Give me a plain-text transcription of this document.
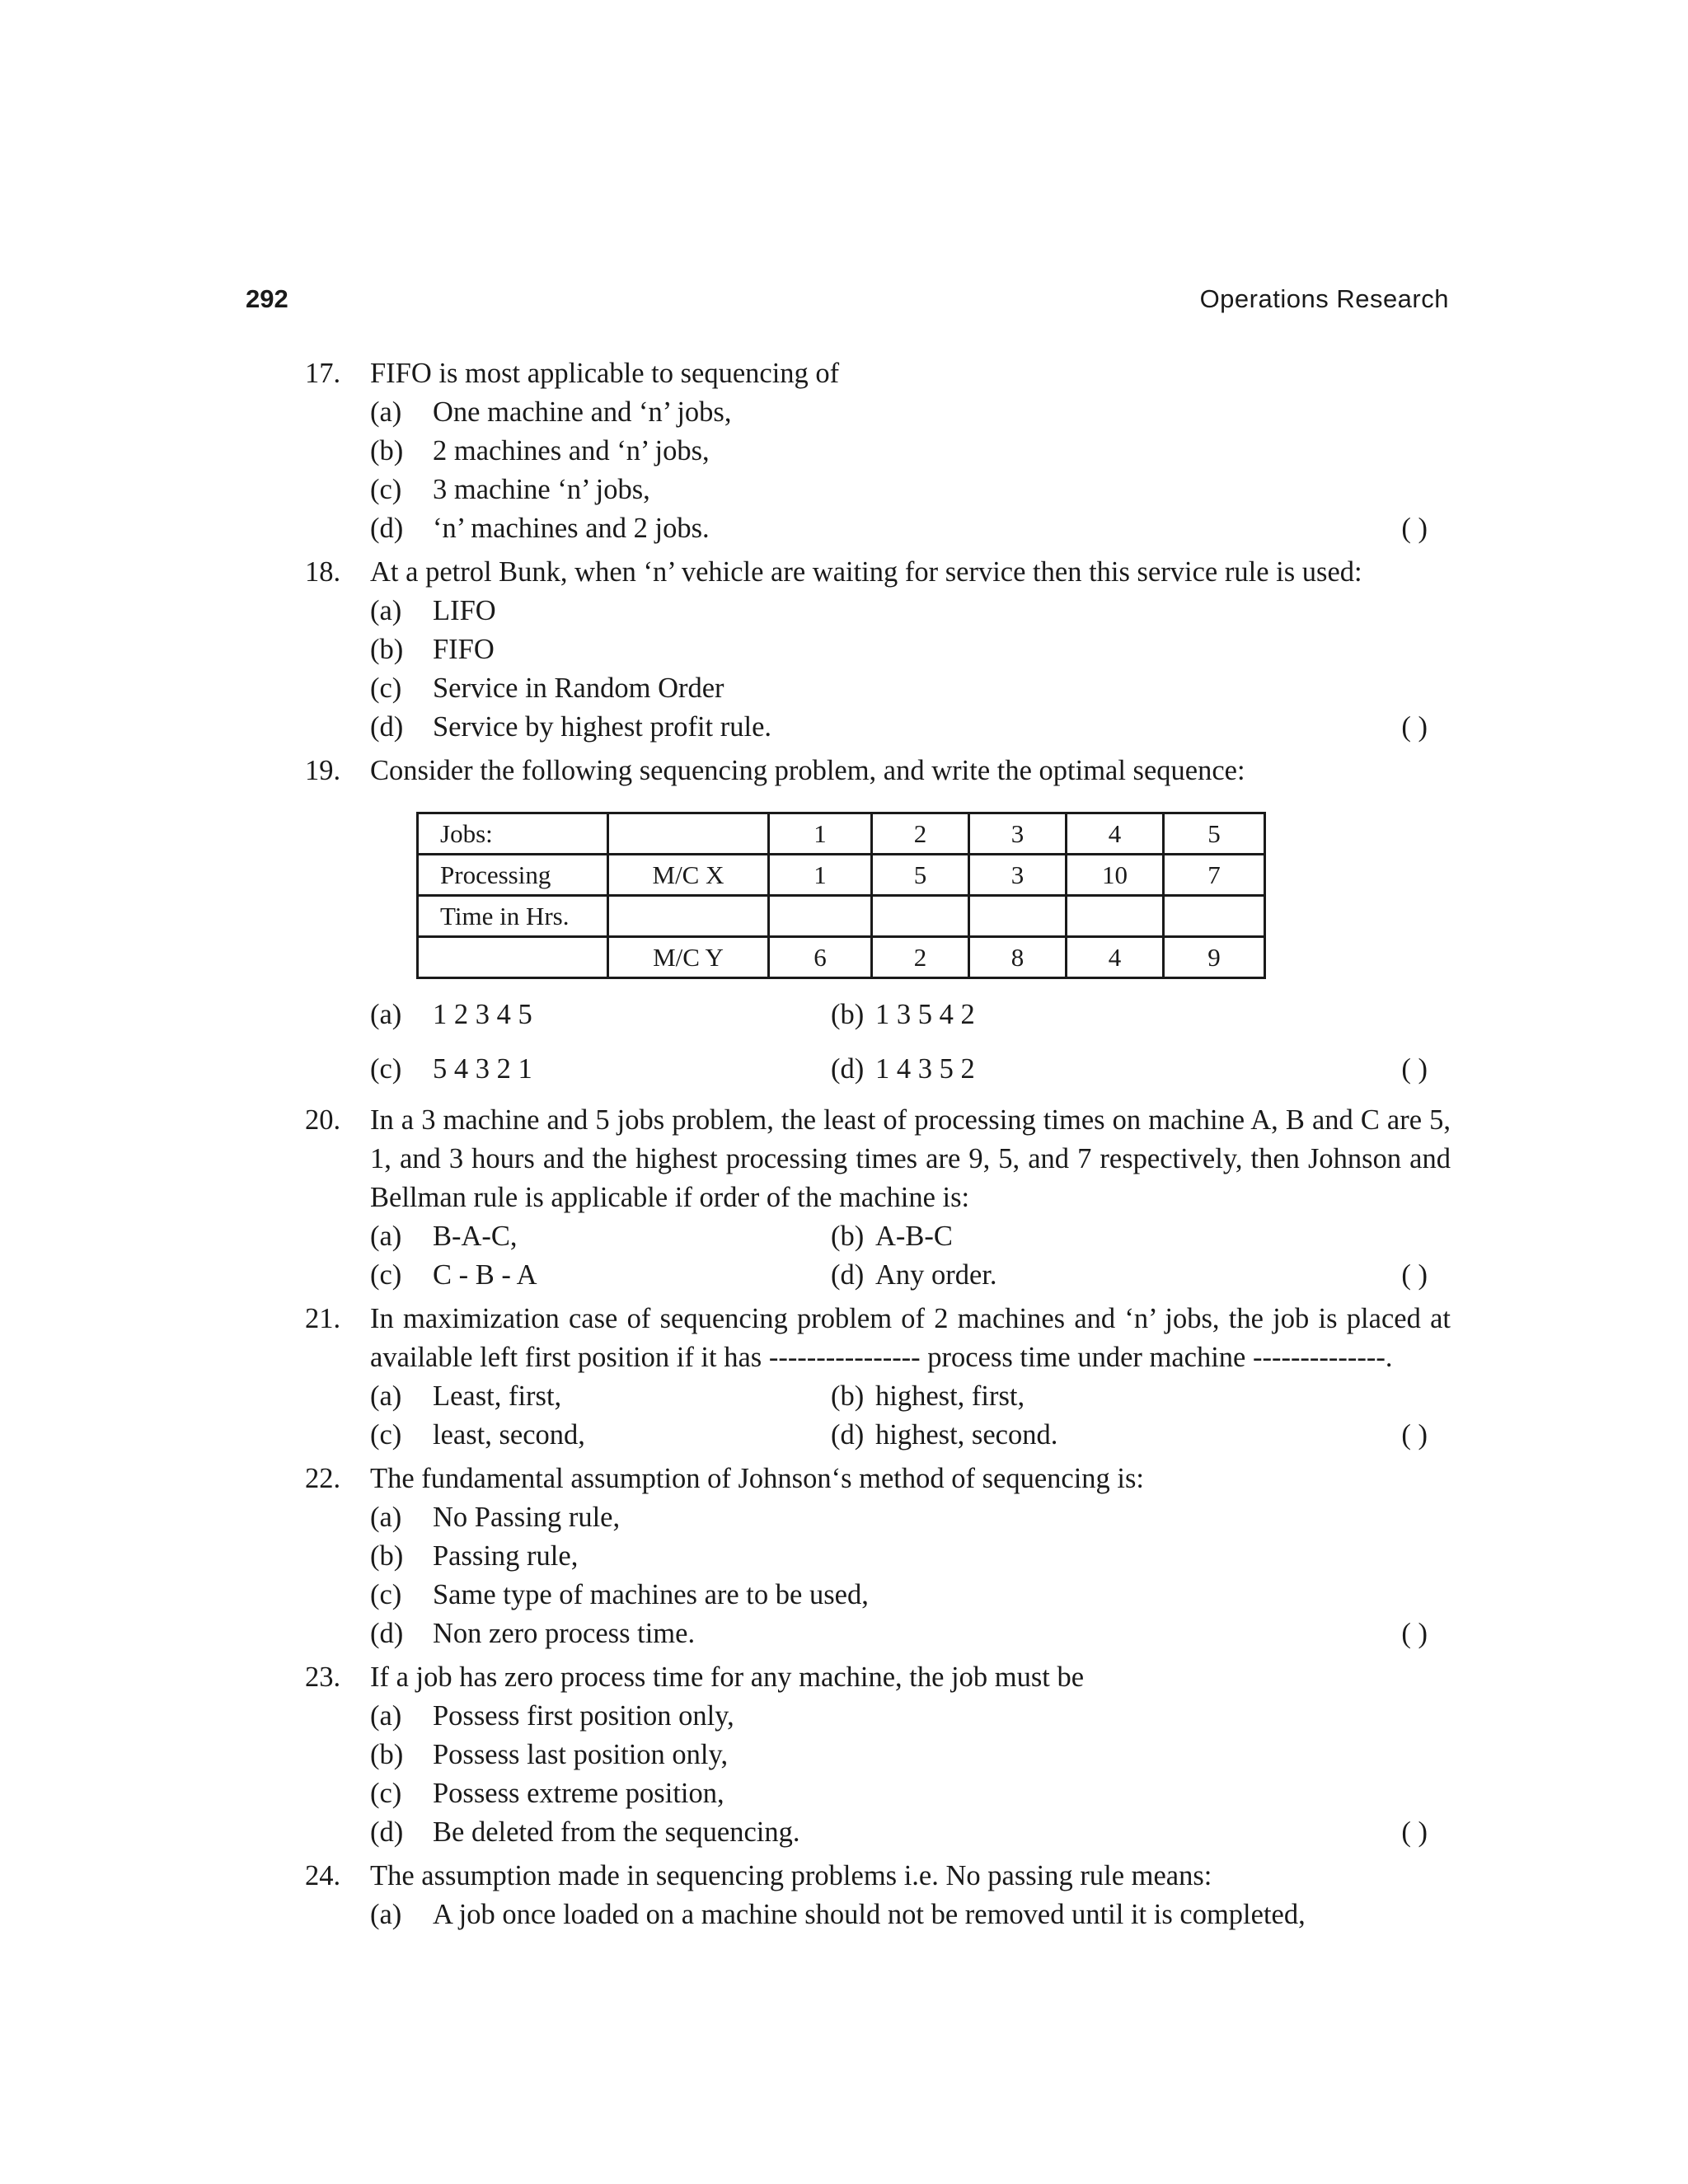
292	Operations Research
17. FIFO is most applicable to sequencing of
(a) One machine and ‘n’ jobs,
(b) 2 machines and ‘n’ jobs,
(c) 3 machine ‘n’ jobs,
(d) ‘n’ machines and 2 jobs.	( )
18. At a petrol Bunk, when ‘n’ vehicle are waiting for service then this service rule is used:
(a) LIFO
(b) FIFO
(c) Service in Random Order
(d) Service by highest profit rule.	( )
19. Consider the following sequencing problem, and write the optimal sequence:
Jobs:		1	2	3	4	5
Processing	M/C X	1	5	3	10	7
Time in Hrs.						
	M/C Y	6	2	8	4	9
(a) 1 2 3 4 5	(b) 1 3 5 4 2
(c) 5 4 3 2 1	(d) 1 4 3 5 2	( )
20. In a 3 machine and 5 jobs problem, the least of processing times on machine A, B and C are 5, 1, and 3 hours and the highest processing times are 9, 5, and 7 respectively, then Johnson and Bellman rule is applicable if order of the machine is:
(a) B-A-C,	(b) A-B-C
(c) C - B - A	(d) Any order.	( )
21. In maximization case of sequencing problem of 2 machines and ‘n’ jobs, the job is placed at available left first position if it has ---------------- process time under machine --------------.
(a) Least, first,	(b) highest, first,
(c) least, second,	(d) highest, second.	( )
22. The fundamental assumption of Johnson‘s method of sequencing is:
(a) No Passing rule,
(b) Passing rule,
(c) Same type of machines are to be used,
(d) Non zero process time.	( )
23. If a job has zero process time for any machine, the job must be
(a) Possess first position only,
(b) Possess last position only,
(c) Possess extreme position,
(d) Be deleted from the sequencing.	( )
24. The assumption made in sequencing problems i.e. No passing rule means:
(a) A job once loaded on a machine should not be removed until it is completed,
